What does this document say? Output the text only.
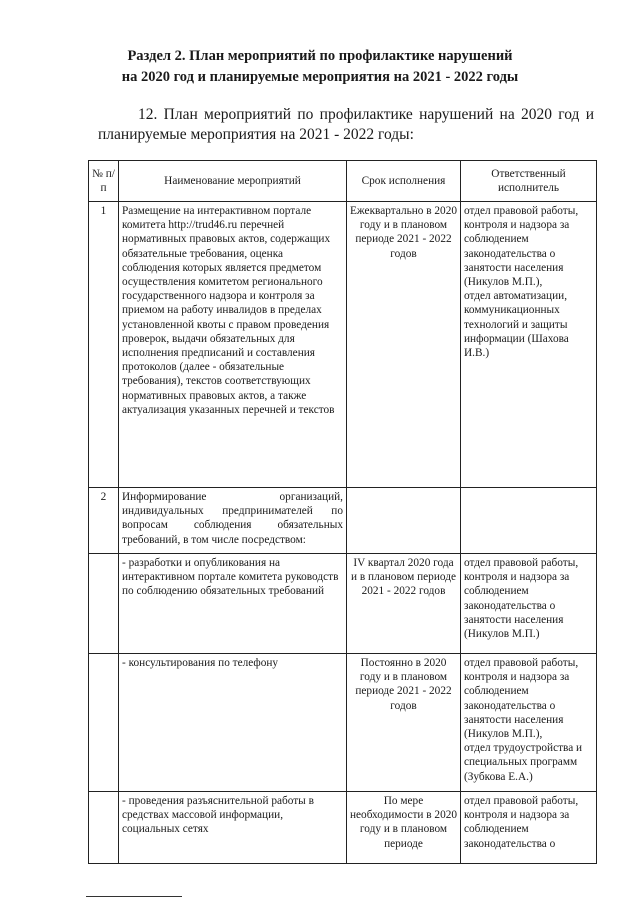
Раздел 2. План мероприятий по профилактике нарушений
на 2020 год и планируемые мероприятия на 2021 - 2022 годы
12. План мероприятий по профилактике нарушений на 2020 год и
планируемые мероприятия на 2021 - 2022 годы:
№ п/п	Наименование мероприятий	Срок исполнения	Ответственный исполнитель
1	Размещение на интерактивном портале комитета http://trud46.ru перечней нормативных правовых актов, содержащих обязательные требования, оценка соблюдения которых является предметом осуществления комитетом регионального государственного надзора и контроля за приемом на работу инвалидов в пределах установленной квоты с правом проведения проверок, выдачи обязательных для исполнения предписаний и составления протоколов (далее - обязательные требования), текстов соответствующих нормативных правовых актов, а также актуализация указанных перечней и текстов	Ежеквартально в 2020 году и в плановом периоде 2021 - 2022 годов	отдел правовой работы, контроля и надзора за соблюдением законодательства о занятости населения (Никулов М.П.),
отдел автоматизации, коммуникационных технологий и защиты информации (Шахова И.В.)
2	Информирование организаций, индивидуальных предпринимателей по вопросам соблюдения обязательных требований, в том числе посредством:		
	- разработки и опубликования на интерактивном портале комитета руководств по соблюдению обязательных требований	IV квартал 2020 года и в плановом периоде 2021 - 2022 годов	отдел правовой работы, контроля и надзора за соблюдением законодательства о занятости населения (Никулов М.П.)
	- консультирования по телефону	Постоянно в 2020 году и в плановом периоде 2021 - 2022 годов	отдел правовой работы, контроля и надзора за соблюдением законодательства о занятости населения (Никулов М.П.),
отдел трудоустройства и специальных программ (Зубкова Е.А.)
	- проведения разъяснительной работы в средствах массовой информации, социальных сетях	По мере необходимости в 2020 году и в плановом периоде	отдел правовой работы, контроля и надзора за соблюдением законодательства о
